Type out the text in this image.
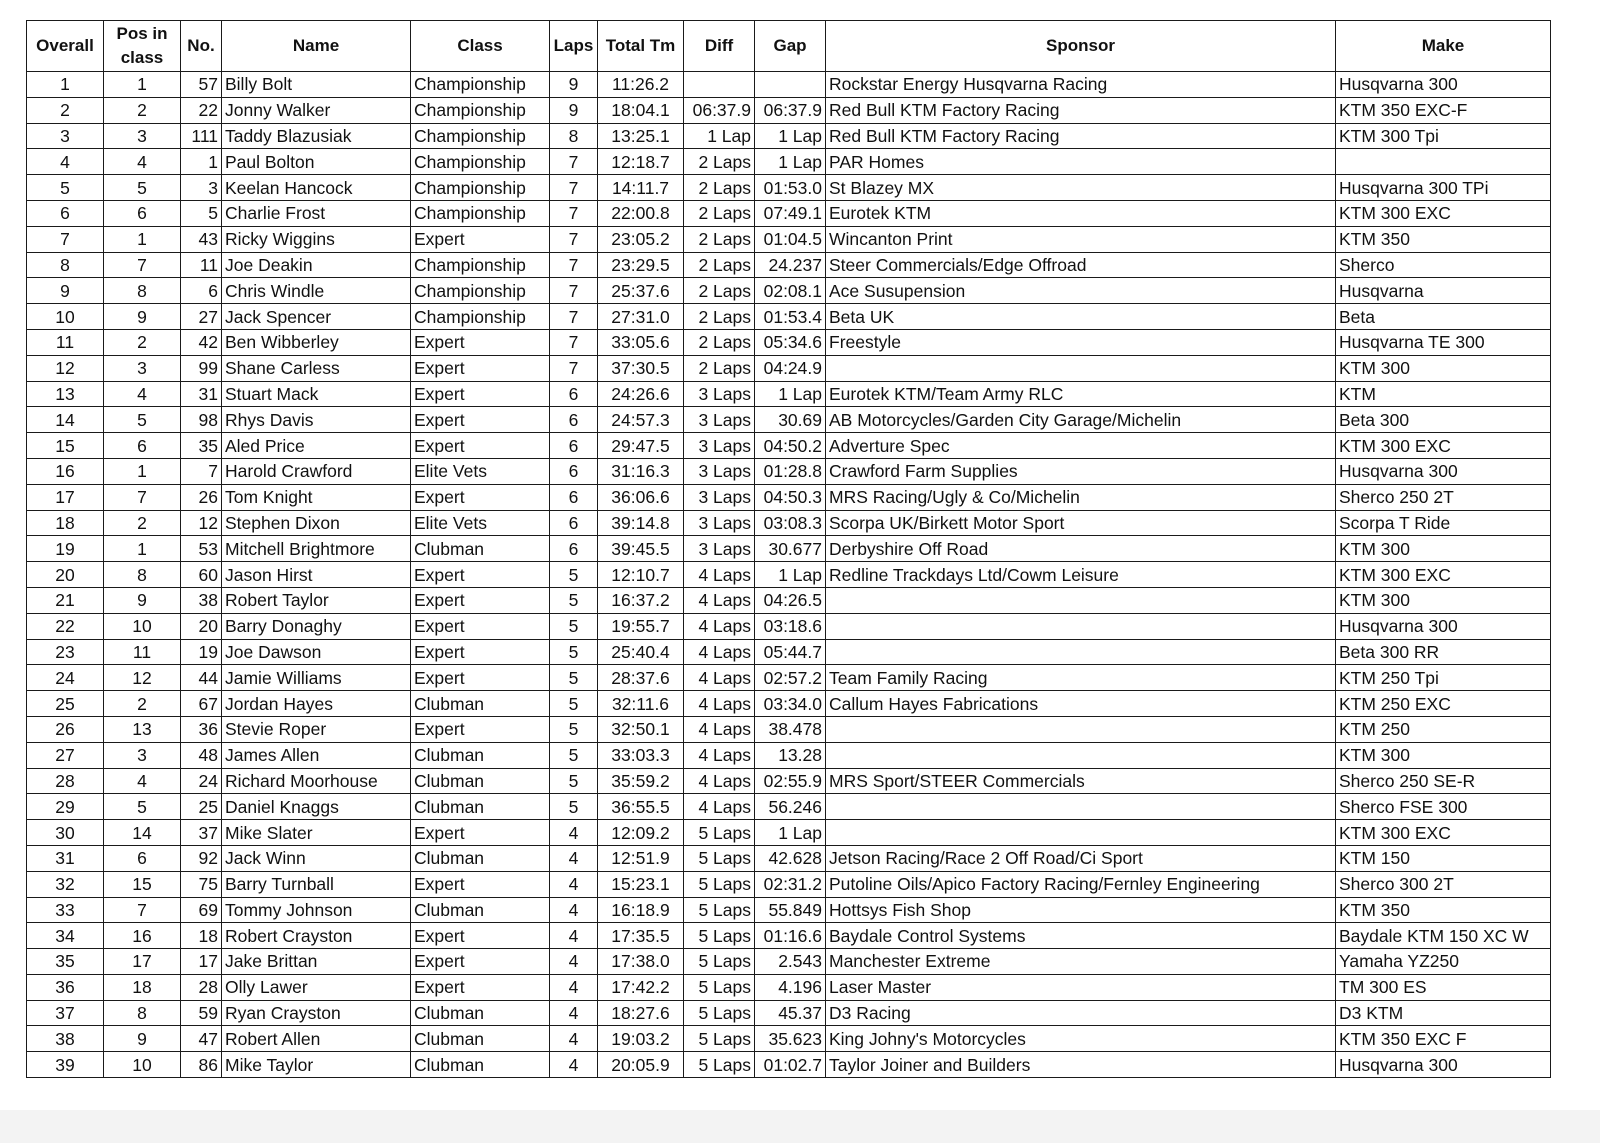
Overall	Pos in class	No.	Name	Class	Laps	Total Tm	Diff	Gap	Sponsor	Make
1	1	57	Billy Bolt	Championship	9	11:26.2			Rockstar Energy Husqvarna Racing	Husqvarna 300
2	2	22	Jonny Walker	Championship	9	18:04.1	06:37.9	06:37.9	Red Bull KTM Factory Racing	KTM 350 EXC-F
3	3	111	Taddy Blazusiak	Championship	8	13:25.1	1 Lap	1 Lap	Red Bull KTM Factory Racing	KTM 300 Tpi
4	4	1	Paul Bolton	Championship	7	12:18.7	2 Laps	1 Lap	PAR Homes	
5	5	3	Keelan Hancock	Championship	7	14:11.7	2 Laps	01:53.0	St Blazey MX	Husqvarna 300 TPi
6	6	5	Charlie Frost	Championship	7	22:00.8	2 Laps	07:49.1	Eurotek KTM	KTM 300 EXC
7	1	43	Ricky Wiggins	Expert	7	23:05.2	2 Laps	01:04.5	Wincanton Print	KTM 350
8	7	11	Joe Deakin	Championship	7	23:29.5	2 Laps	24.237	Steer Commercials/Edge Offroad	Sherco
9	8	6	Chris Windle	Championship	7	25:37.6	2 Laps	02:08.1	Ace Susupension	Husqvarna
10	9	27	Jack Spencer	Championship	7	27:31.0	2 Laps	01:53.4	Beta UK	Beta
11	2	42	Ben Wibberley	Expert	7	33:05.6	2 Laps	05:34.6	Freestyle	Husqvarna TE 300
12	3	99	Shane Carless	Expert	7	37:30.5	2 Laps	04:24.9		KTM 300
13	4	31	Stuart Mack	Expert	6	24:26.6	3 Laps	1 Lap	Eurotek KTM/Team Army RLC	KTM
14	5	98	Rhys Davis	Expert	6	24:57.3	3 Laps	30.69	AB Motorcycles/Garden City Garage/Michelin	Beta 300
15	6	35	Aled Price	Expert	6	29:47.5	3 Laps	04:50.2	Adverture Spec	KTM 300 EXC
16	1	7	Harold Crawford	Elite Vets	6	31:16.3	3 Laps	01:28.8	Crawford Farm Supplies	Husqvarna 300
17	7	26	Tom Knight	Expert	6	36:06.6	3 Laps	04:50.3	MRS Racing/Ugly & Co/Michelin	Sherco 250 2T
18	2	12	Stephen Dixon	Elite Vets	6	39:14.8	3 Laps	03:08.3	Scorpa UK/Birkett Motor Sport	Scorpa T Ride
19	1	53	Mitchell Brightmore	Clubman	6	39:45.5	3 Laps	30.677	Derbyshire Off Road	KTM 300
20	8	60	Jason Hirst	Expert	5	12:10.7	4 Laps	1 Lap	Redline Trackdays Ltd/Cowm Leisure	KTM 300 EXC
21	9	38	Robert Taylor	Expert	5	16:37.2	4 Laps	04:26.5		KTM 300
22	10	20	Barry Donaghy	Expert	5	19:55.7	4 Laps	03:18.6		Husqvarna 300
23	11	19	Joe Dawson	Expert	5	25:40.4	4 Laps	05:44.7		Beta 300 RR
24	12	44	Jamie Williams	Expert	5	28:37.6	4 Laps	02:57.2	Team Family Racing	KTM 250 Tpi
25	2	67	Jordan Hayes	Clubman	5	32:11.6	4 Laps	03:34.0	Callum Hayes Fabrications	KTM 250 EXC
26	13	36	Stevie Roper	Expert	5	32:50.1	4 Laps	38.478		KTM 250
27	3	48	James Allen	Clubman	5	33:03.3	4 Laps	13.28		KTM 300
28	4	24	Richard Moorhouse	Clubman	5	35:59.2	4 Laps	02:55.9	MRS Sport/STEER Commercials	Sherco 250 SE-R
29	5	25	Daniel Knaggs	Clubman	5	36:55.5	4 Laps	56.246		Sherco FSE 300
30	14	37	Mike Slater	Expert	4	12:09.2	5 Laps	1 Lap		KTM 300 EXC
31	6	92	Jack Winn	Clubman	4	12:51.9	5 Laps	42.628	Jetson Racing/Race 2 Off Road/Ci Sport	KTM 150
32	15	75	Barry Turnball	Expert	4	15:23.1	5 Laps	02:31.2	Putoline Oils/Apico Factory Racing/Fernley Engineering	Sherco 300 2T
33	7	69	Tommy Johnson	Clubman	4	16:18.9	5 Laps	55.849	Hottsys Fish Shop	KTM 350
34	16	18	Robert Crayston	Expert	4	17:35.5	5 Laps	01:16.6	Baydale Control Systems	Baydale KTM 150 XC W
35	17	17	Jake Brittan	Expert	4	17:38.0	5 Laps	2.543	Manchester Extreme	Yamaha YZ250
36	18	28	Olly Lawer	Expert	4	17:42.2	5 Laps	4.196	Laser Master	TM 300 ES
37	8	59	Ryan Crayston	Clubman	4	18:27.6	5 Laps	45.37	D3 Racing	D3 KTM
38	9	47	Robert Allen	Clubman	4	19:03.2	5 Laps	35.623	King Johny's Motorcycles	KTM 350 EXC F
39	10	86	Mike Taylor	Clubman	4	20:05.9	5 Laps	01:02.7	Taylor Joiner and Builders	Husqvarna 300
